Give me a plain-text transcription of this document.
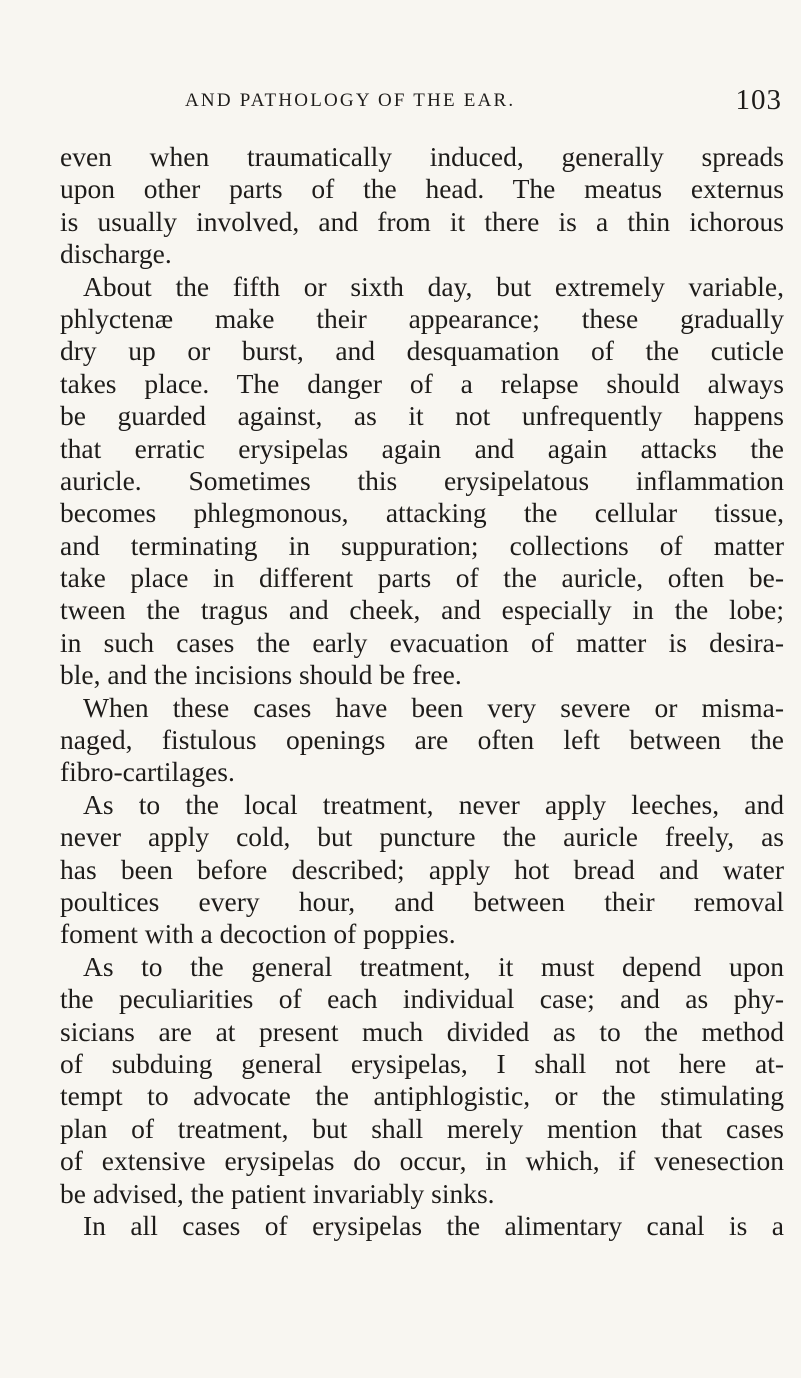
AND PATHOLOGY OF THE EAR.	103
even when traumatically induced, generally spreads
upon other parts of the head. The meatus externus
is usually involved, and from it there is a thin ichorous
discharge.
About the fifth or sixth day, but extremely variable,
phlyctenæ make their appearance; these gradually
dry up or burst, and desquamation of the cuticle
takes place. The danger of a relapse should always
be guarded against, as it not unfrequently happens
that erratic erysipelas again and again attacks the
auricle. Sometimes this erysipelatous inflammation
becomes phlegmonous, attacking the cellular tissue,
and terminating in suppuration; collections of matter
take place in different parts of the auricle, often be-
tween the tragus and cheek, and especially in the lobe;
in such cases the early evacuation of matter is desira-
ble, and the incisions should be free.
When these cases have been very severe or misma-
naged, fistulous openings are often left between the
fibro-cartilages.
As to the local treatment, never apply leeches, and
never apply cold, but puncture the auricle freely, as
has been before described; apply hot bread and water
poultices every hour, and between their removal
foment with a decoction of poppies.
As to the general treatment, it must depend upon
the peculiarities of each individual case; and as phy-
sicians are at present much divided as to the method
of subduing general erysipelas, I shall not here at-
tempt to advocate the antiphlogistic, or the stimulating
plan of treatment, but shall merely mention that cases
of extensive erysipelas do occur, in which, if venesection
be advised, the patient invariably sinks.
In all cases of erysipelas the alimentary canal is a
